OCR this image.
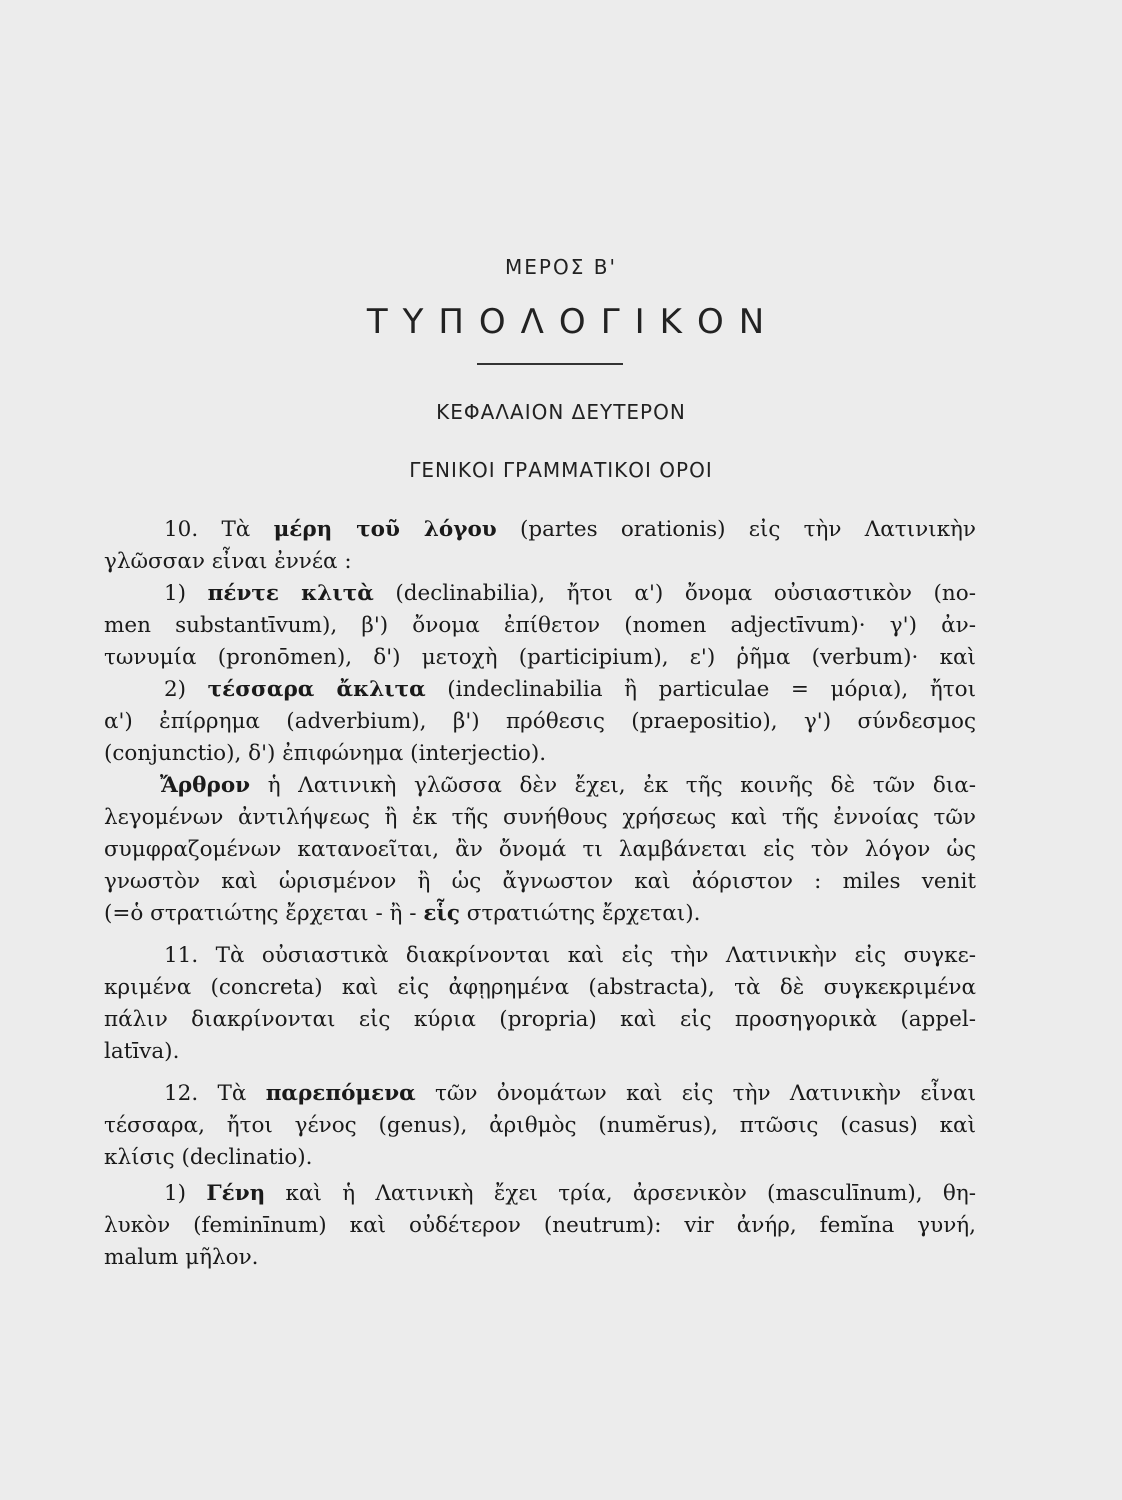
ΜΕΡΟΣ Β'
ΤΥΠΟΛΟΓΙΚΟΝ
ΚΕΦΑΛΑΙΟΝ ΔΕΥΤΕΡΟΝ
ΓΕΝΙΚΟΙ ΓΡΑΜΜΑΤΙΚΟΙ ΟΡΟΙ
10. Τὰ μέρη τοῦ λόγου (partes orationis) εἰς τὴν Λατινικὴν
γλῶσσαν εἶναι ἐννέα :
1) πέντε κλιτὰ (declinabilia), ἤτοι α') ὄνομα οὐσιαστικὸν (no-
men substantīvum), β') ὄνομα ἐπίθετον (nomen adjectīvum)· γ') ἀν-
τωνυμία (pronōmen), δ') μετοχὴ (participium), ε') ῥῆμα (verbum)· καὶ
2) τέσσαρα ἄκλιτα (indeclinabilia ἢ particulae = μόρια), ἤτοι
α') ἐπίρρημα (adverbium), β') πρόθεσις (praepositio), γ') σύνδεσμος
(conjunctio), δ') ἐπιφώνημα (interjectio).
Ἄρθρον ἡ Λατινικὴ γλῶσσα δὲν ἔχει, ἐκ τῆς κοινῆς δὲ τῶν δια-
λεγομένων ἀντιλήψεως ἢ ἐκ τῆς συνήθους χρήσεως καὶ τῆς ἐννοίας τῶν
συμφραζομένων κατανοεῖται, ἂν ὄνομά τι λαμβάνεται εἰς τὸν λόγον ὡς
γνωστὸν καὶ ὡρισμένον ἢ ὡς ἄγνωστον καὶ ἀόριστον : miles venit
(=ὁ στρατιώτης ἔρχεται - ἢ - εἷς στρατιώτης ἔρχεται).
11. Τὰ οὐσιαστικὰ διακρίνονται καὶ εἰς τὴν Λατινικὴν εἰς συγκε-
κριμένα (concreta) καὶ εἰς ἀφῃρημένα (abstracta), τὰ δὲ συγκεκριμένα
πάλιν διακρίνονται εἰς κύρια (propria) καὶ εἰς προσηγορικὰ (appel-
latīva).
12. Τὰ παρεπόμενα τῶν ὀνομάτων καὶ εἰς τὴν Λατινικὴν εἶναι
τέσσαρα, ἤτοι γένος (genus), ἀριθμὸς (numĕrus), πτῶσις (casus) καὶ
κλίσις (declinatio).
1) Γένη καὶ ἡ Λατινικὴ ἔχει τρία, ἀρσενικὸν (masculīnum), θη-
λυκὸν (feminīnum) καὶ οὐδέτερον (neutrum): vir ἀνήρ, femĭna γυνή,
malum μῆλον.
